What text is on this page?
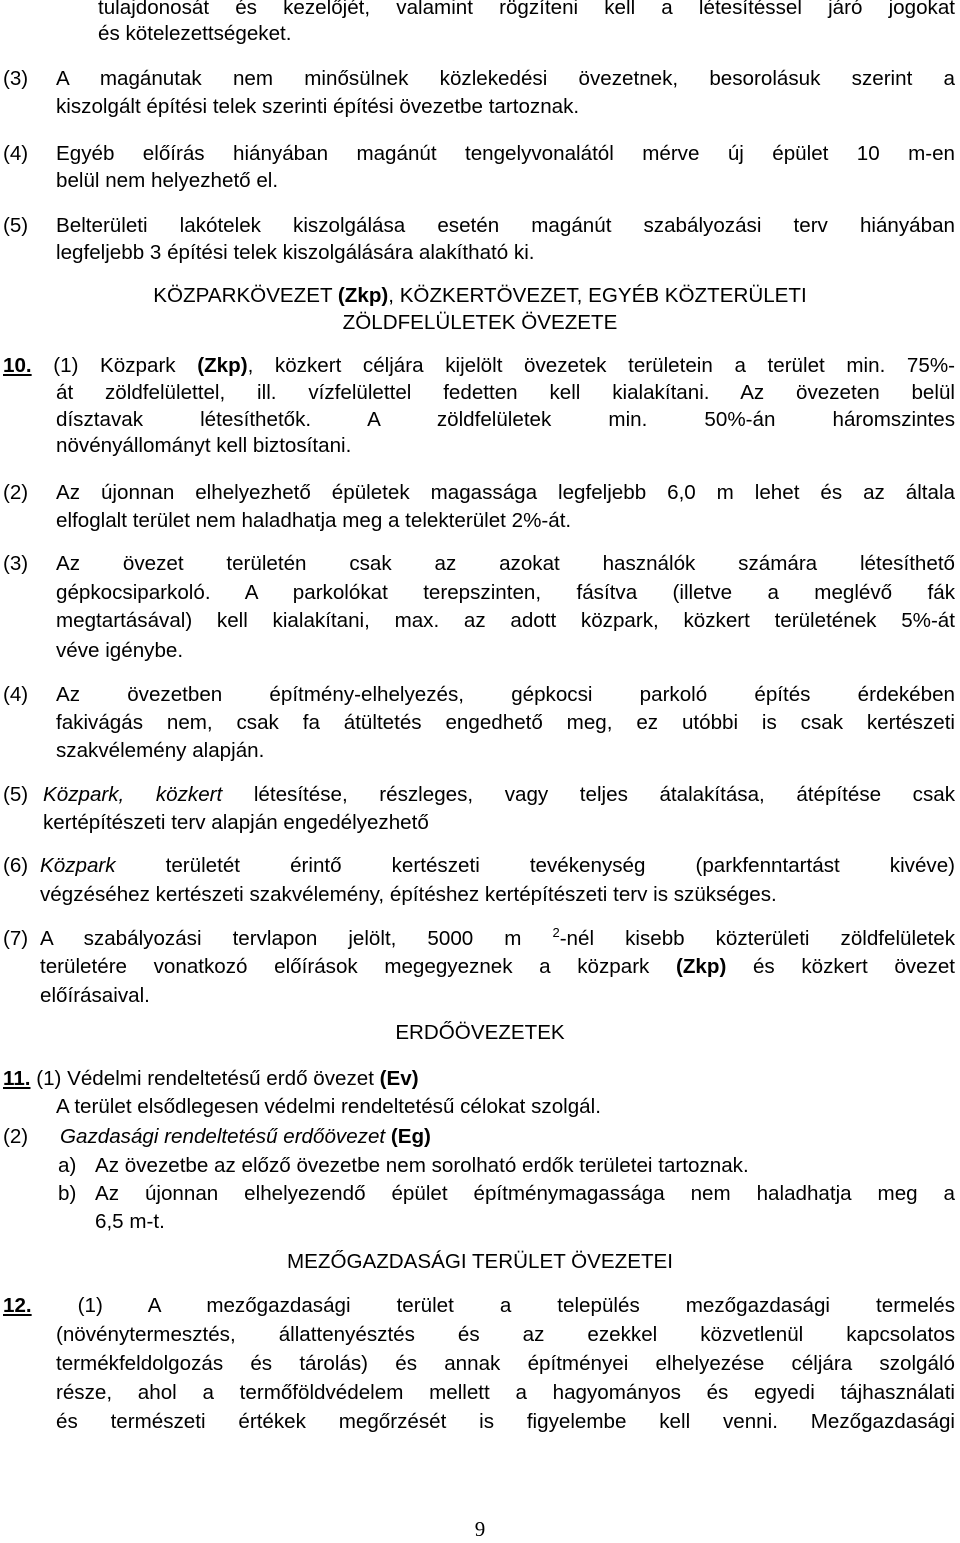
tulajdonosát és kezelőjét, valamint rögzíteni kell a létesítéssel járó jogokat
és kötelezettségeket.
(3) A magánutak nem minősülnek közlekedési övezetnek, besorolásuk szerint a
kiszolgált építési telek szerinti építési övezetbe tartoznak.
(4) Egyéb előírás hiányában magánút tengelyvonalától mérve új épület 10 m-en
belül nem helyezhető el.
(5) Belterületi lakótelek kiszolgálása esetén magánút szabályozási terv hiányában
legfeljebb 3 építési telek kiszolgálására alakítható ki.
KÖZPARKÖVEZET (Zkp), KÖZKERTÖVEZET, EGYÉB KÖZTERÜLETI
ZÖLDFELÜLETEK ÖVEZETE
10. (1) Közpark (Zkp), közkert céljára kijelölt övezetek területein a terület min. 75%-
át zöldfelülettel, ill. vízfelülettel fedetten kell kialakítani. Az övezeten belül
dísztavak létesíthetők. A zöldfelületek min. 50%-án háromszintes
növényállományt kell biztosítani.
(2) Az újonnan elhelyezhető épületek magassága legfeljebb 6,0 m lehet és az általa
elfoglalt terület nem haladhatja meg a telekterület 2%-át.
(3) Az övezet területén csak az azokat használók számára létesíthető
gépkocsiparkoló. A parkolókat terepszinten, fásítva (illetve a meglévő fák
megtartásával) kell kialakítani, max. az adott közpark, közkert területének 5%-át
véve igénybe.
(4) Az övezetben építmény-elhelyezés, gépkocsi parkoló építés érdekében
fakivágás nem, csak fa átültetés engedhető meg, ez utóbbi is csak kertészeti
szakvélemény alapján.
(5) Közpark, közkert létesítése, részleges, vagy teljes átalakítása, átépítése csak
kertépítészeti terv alapján engedélyezhető
(6) Közpark területét érintő kertészeti tevékenység (parkfenntartást kivéve)
végzéséhez kertészeti szakvélemény, építéshez kertépítészeti terv is szükséges.
(7) A szabályozási tervlapon jelölt, 5000 m $^2$-nél kisebb közterületi zöldfelületek
területére vonatkozó előírások megegyeznek a közpark (Zkp) és közkert övezet
előírásaival.
ERDŐÖVEZETEK
11. (1) Védelmi rendeltetésű erdő övezet (Ev)
A terület elsődlegesen védelmi rendeltetésű célokat szolgál.
(2) Gazdasági rendeltetésű erdőövezet (Eg)
a) Az övezetbe az előző övezetbe nem sorolható erdők területei tartoznak.
b) Az újonnan elhelyezendő épület építménymagassága nem haladhatja meg a
6,5 m-t.
MEZŐGAZDASÁGI TERÜLET ÖVEZETEI
12. (1) A mezőgazdasági terület a település mezőgazdasági termelés
(növénytermesztés, állattenyésztés és az ezekkel közvetlenül kapcsolatos
termékfeldolgozás és tárolás) és annak építményei elhelyezése céljára szolgáló
része, ahol a termőföldvédelem mellett a hagyományos és egyedi tájhasználati
és természeti értékek megőrzését is figyelembe kell venni. Mezőgazdasági
9
